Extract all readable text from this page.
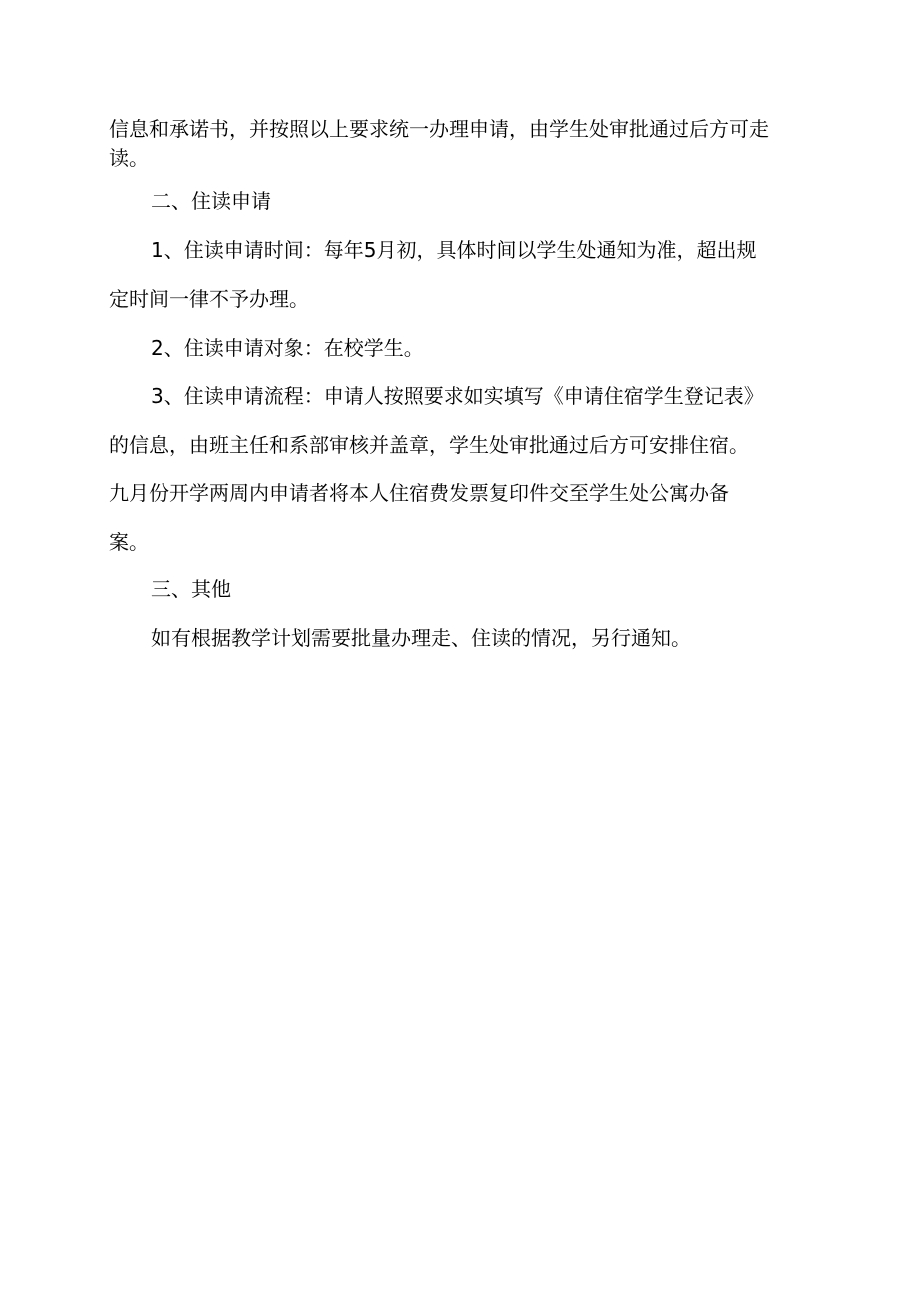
信息和承诺书，并按照以上要求统一办理申请，由学生处审批通过后方可走
读。
二、住读申请
1、住读申请时间：每年5月初，具体时间以学生处通知为准，超出规
定时间一律不予办理。
2、住读申请对象：在校学生。
3、住读申请流程：申请人按照要求如实填写《申请住宿学生登记表》
的信息，由班主任和系部审核并盖章，学生处审批通过后方可安排住宿。
九月份开学两周内申请者将本人住宿费发票复印件交至学生处公寓办备
案。
三、其他
如有根据教学计划需要批量办理走、住读的情况，另行通知。
